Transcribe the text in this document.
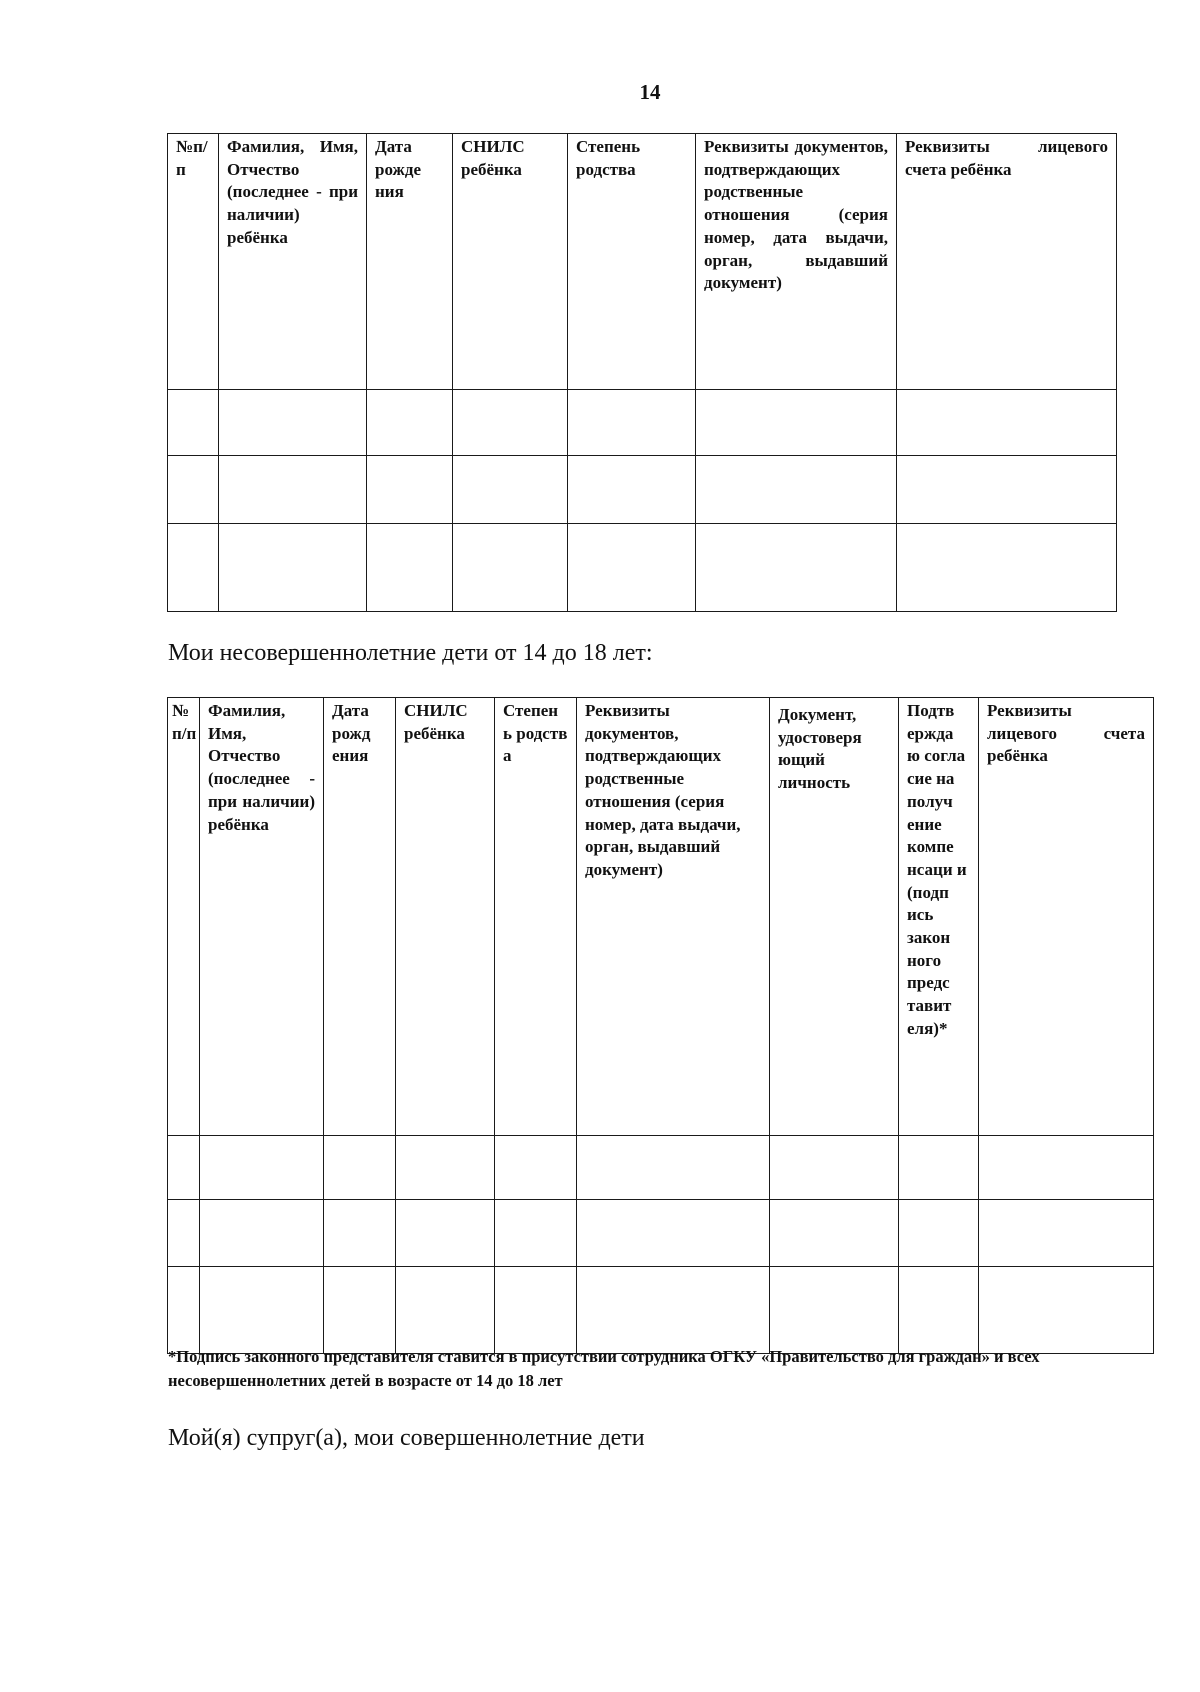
14
№п/п	Фамилия, Имя, Отчество (последнее - при наличии) ребёнка	Дата рожде ния	СНИЛС ребёнка	Степень родства	Реквизиты документов, подтверждающих родственные отношения (серия номер, дата выдачи, орган, выдавший документ)	Реквизиты лицевого счета ребёнка

Мои несовершеннолетние дети от 14 до 18 лет:
№ п/п	Фамилия, Имя, Отчество (последнее - при наличии) ребёнка	Дата рожд ения	СНИЛС ребёнка	Степен ь родств а	Реквизиты документов, подтверждающих родственные отношения (серия номер, дата выдачи, орган, выдавший документ)	Документ, удостоверя ющий личность	Подтв ержда ю согла сие на получ ение компе нсаци и (подп ись закон ного предс тавит еля)*	Реквизиты лицевого счета ребёнка

*Подпись законного представителя ставится в присутствии сотрудника ОГКУ «Правительство для граждан» и всех несовершеннолетних детей в возрасте от 14 до 18 лет
Мой(я) супруг(а), мои совершеннолетние дети
